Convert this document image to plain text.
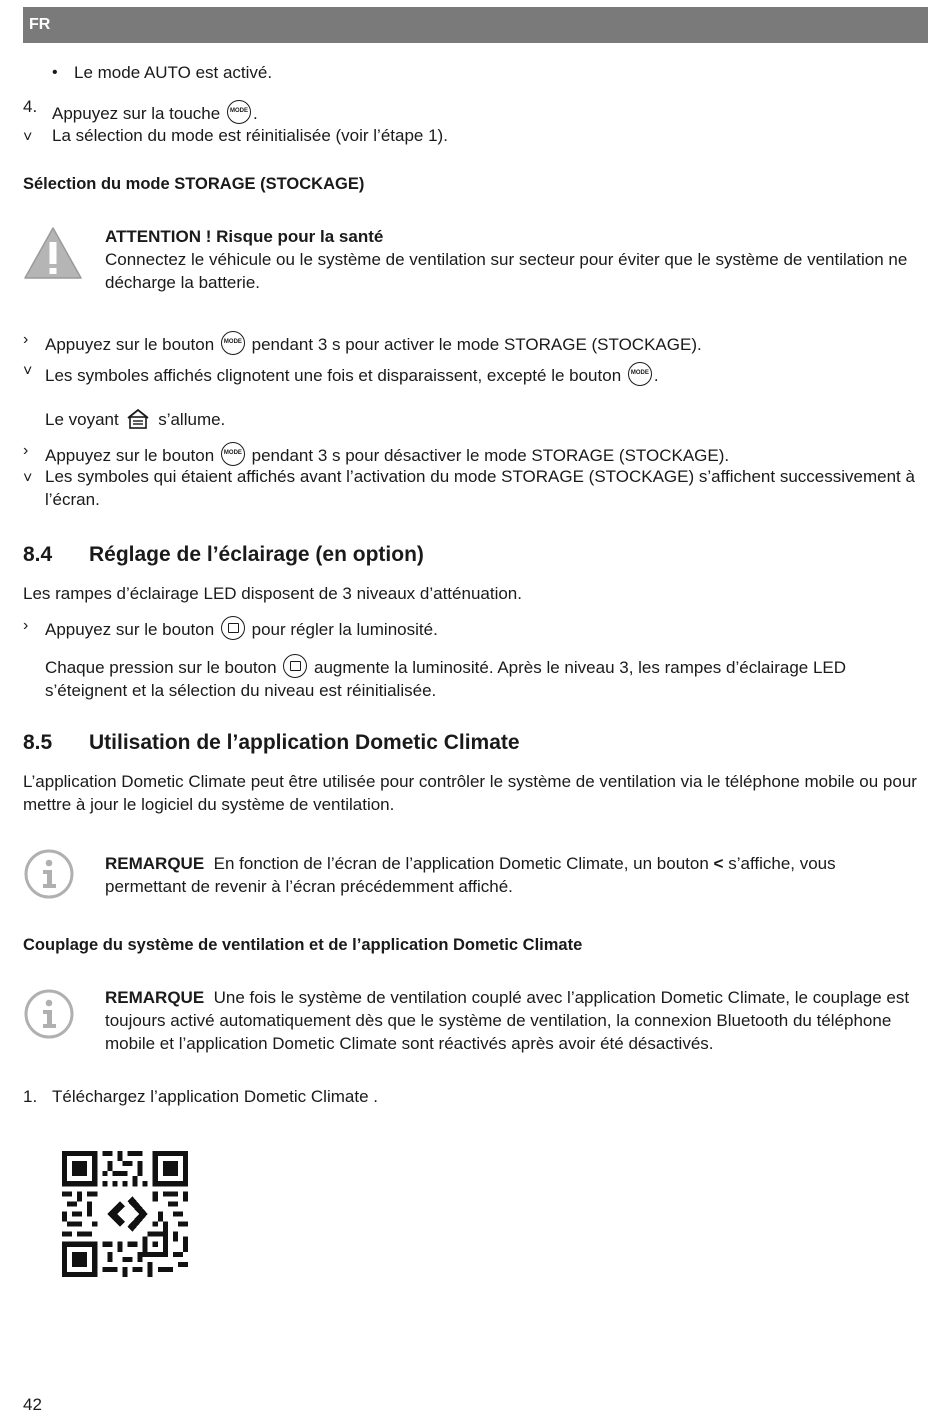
FR
• Le mode AUTO est activé.
4. Appuyez sur la touche MODE .
˅ La sélection du mode est réinitialisée (voir l’étape 1).
Sélection du mode STORAGE (STOCKAGE)
ATTENTION ! Risque pour la santé
Connectez le véhicule ou le système de ventilation sur secteur pour éviter que le système de ventilation ne décharge la batterie.
› Appuyez sur le bouton MODE pendant 3 s pour activer le mode STORAGE (STOCKAGE).
˅ Les symboles affichés clignotent une fois et disparaissent, excepté le bouton MODE .
Le voyant s’allume.
› Appuyez sur le bouton MODE pendant 3 s pour désactiver le mode STORAGE (STOCKAGE).
˅ Les symboles qui étaient affichés avant l’activation du mode STORAGE (STOCKAGE) s’affichent successivement à l’écran.
8.4 Réglage de l’éclairage (en option)
Les rampes d’éclairage LED disposent de 3 niveaux d’atténuation.
› Appuyez sur le bouton pour régler la luminosité.
Chaque pression sur le bouton augmente la luminosité. Après le niveau 3, les rampes d’éclairage LED s’éteignent et la sélection du niveau est réinitialisée.
8.5 Utilisation de l’application Dometic Climate
L’application Dometic Climate peut être utilisée pour contrôler le système de ventilation via le téléphone mobile ou pour mettre à jour le logiciel du système de ventilation.
REMARQUE En fonction de l’écran de l’application Dometic Climate, un bouton < s’affiche, vous permettant de revenir à l’écran précédemment affiché.
Couplage du système de ventilation et de l’application Dometic Climate
REMARQUE Une fois le système de ventilation couplé avec l’application Dometic Climate, le couplage est toujours activé automatiquement dès que le système de ventilation, la connexion Bluetooth du téléphone mobile et l’application Dometic Climate sont réactivés après avoir été désactivés.
1. Téléchargez l’application Dometic Climate .
42
